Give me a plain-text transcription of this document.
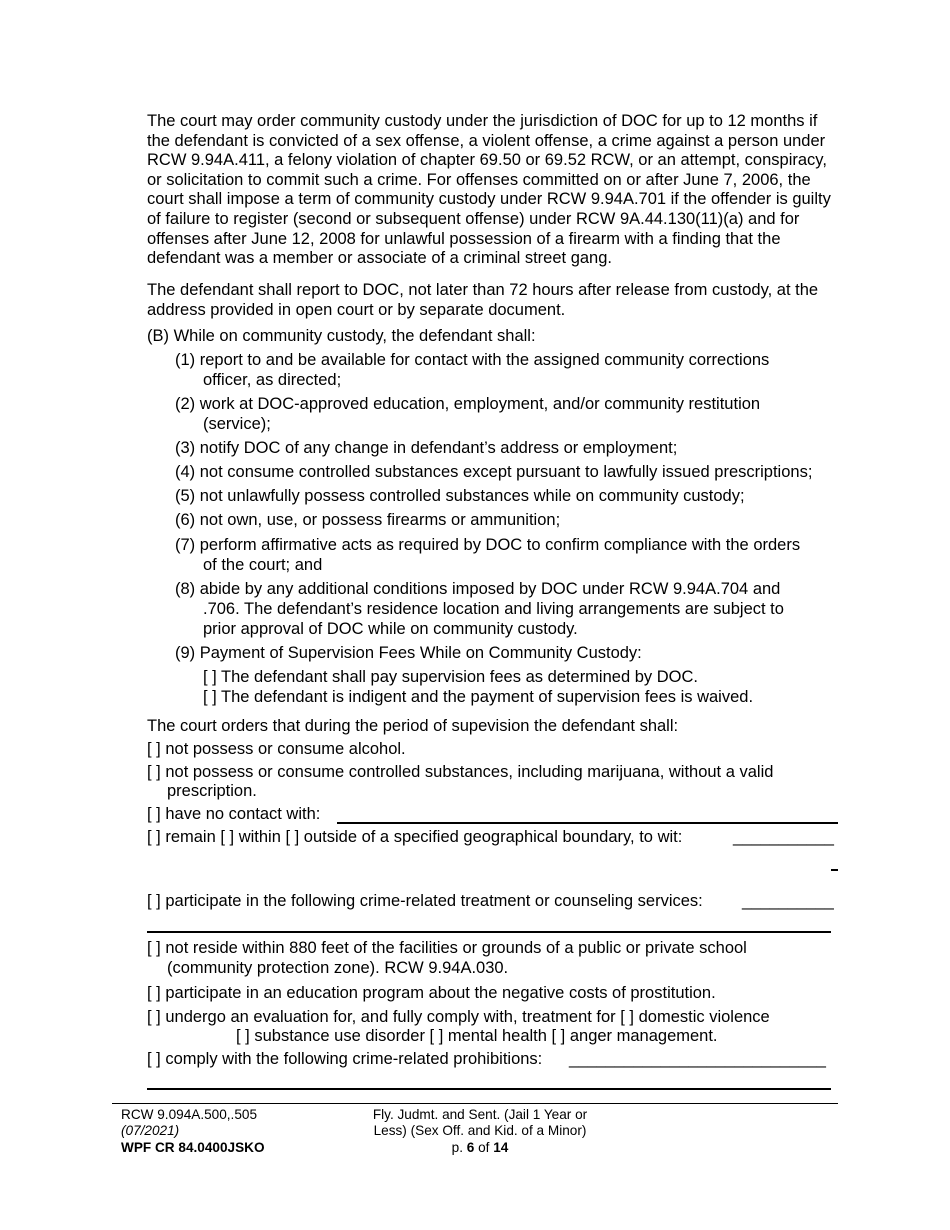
The court may order community custody under the jurisdiction of DOC for up to 12 months if the defendant is convicted of a sex offense, a violent offense, a crime against a person under RCW 9.94A.411, a felony violation of chapter 69.50 or 69.52 RCW, or an attempt, conspiracy, or solicitation to commit such a crime. For offenses committed on or after June 7, 2006, the court shall impose a term of community custody under RCW 9.94A.701 if the offender is guilty of failure to register (second or subsequent offense) under RCW 9A.44.130(11)(a) and for offenses after June 12, 2008 for unlawful possession of a firearm with a finding that the defendant was a member or associate of a criminal street gang.

The defendant shall report to DOC, not later than 72 hours after release from custody, at the address provided in open court or by separate document.

(B) While on community custody, the defendant shall:
(1) report to and be available for contact with the assigned community corrections
officer, as directed;
(2) work at DOC-approved education, employment, and/or community restitution
(service);
(3) notify DOC of any change in defendant’s address or employment;
(4) not consume controlled substances except pursuant to lawfully issued prescriptions;
(5) not unlawfully possess controlled substances while on community custody;
(6) not own, use, or possess firearms or ammunition;
(7) perform affirmative acts as required by DOC to confirm compliance with the orders
of the court; and
(8) abide by any additional conditions imposed by DOC under RCW 9.94A.704 and
.706. The defendant’s residence location and living arrangements are subject to
prior approval of DOC while on community custody.
(9) Payment of Supervision Fees While on Community Custody:
[ ] The defendant shall pay supervision fees as determined by DOC.
[ ] The defendant is indigent and the payment of supervision fees is waived.
The court orders that during the period of supevision the defendant shall:
[ ] not possess or consume alcohol.
[ ] not possess or consume controlled substances, including marijuana, without a valid
prescription.
[ ] have no contact with:
[ ] remain [ ] within [ ] outside of a specified geographical boundary, to wit:	___________
[ ] participate in the following crime-related treatment or counseling services: __________
[ ] not reside within 880 feet of the facilities or grounds of a public or private school
(community protection zone). RCW 9.94A.030.
[ ] participate in an education program about the negative costs of prostitution.
[ ] undergo an evaluation for, and fully comply with, treatment for [ ] domestic violence
[ ] substance use disorder [ ] mental health [ ] anger management.
[ ] comply with the following crime-related prohibitions: ____________________________
RCW 9.094A.500,.505
(07/2021)
WPF CR 84.0400JSKO
Fly. Judmt. and Sent. (Jail 1 Year or
Less) (Sex Off. and Kid. of a Minor)
p. 6 of 14
